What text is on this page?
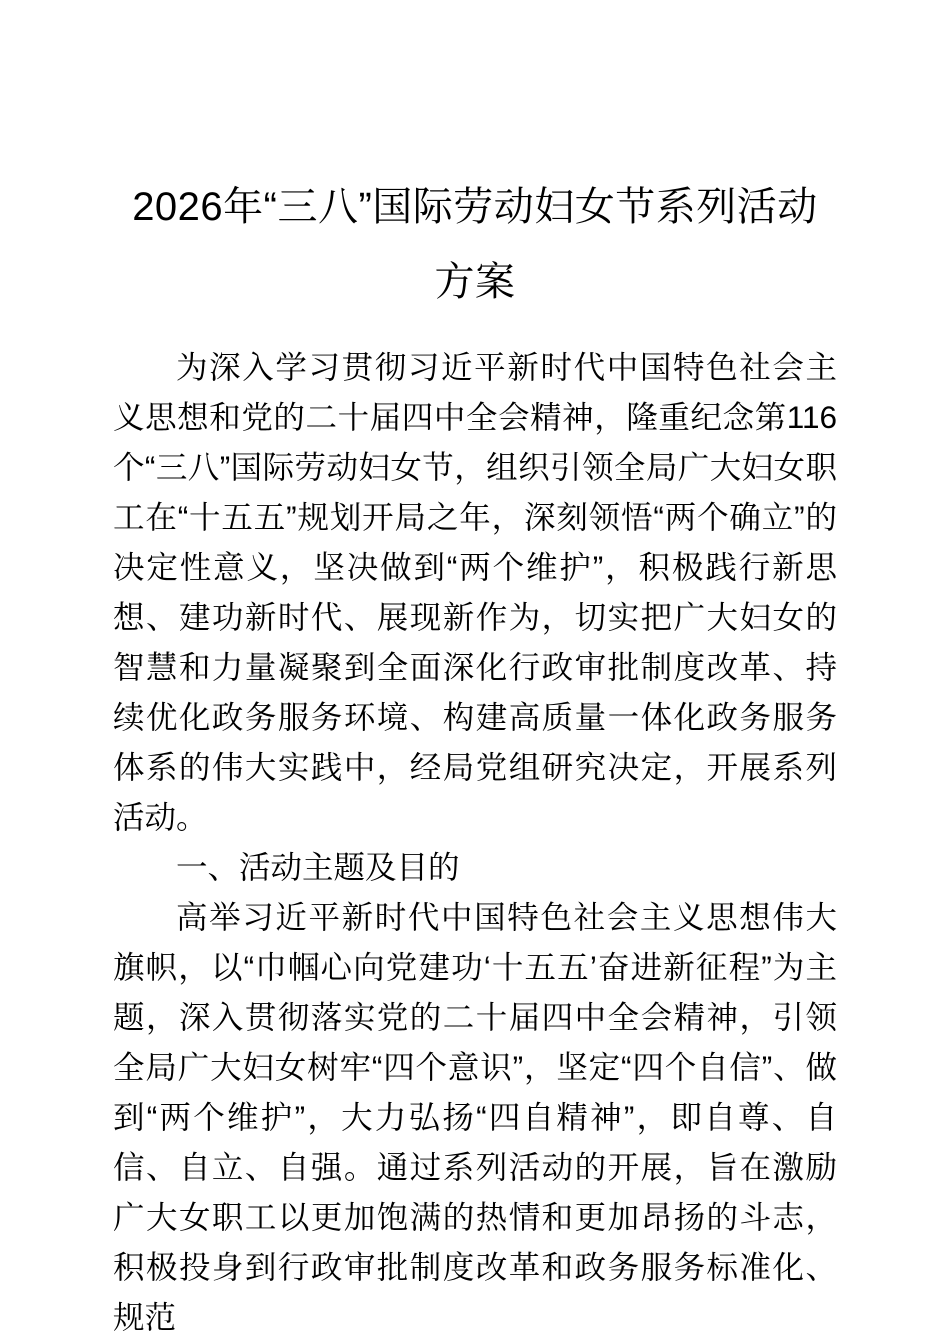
2026年“三八”国际劳动妇女节系列活动方案

为深入学习贯彻习近平新时代中国特色社会主义思想和党的二十届四中全会精神，隆重纪念第116个“三八”国际劳动妇女节，组织引领全局广大妇女职工在“十五五”规划开局之年，深刻领悟“两个确立”的决定性意义，坚决做到“两个维护”，积极践行新思想、建功新时代、展现新作为，切实把广大妇女的智慧和力量凝聚到全面深化行政审批制度改革、持续优化政务服务环境、构建高质量一体化政务服务体系的伟大实践中，经局党组研究决定，开展系列活动。

一、活动主题及目的

高举习近平新时代中国特色社会主义思想伟大旗帜，以“巾帼心向党建功‘十五五’奋进新征程”为主题，深入贯彻落实党的二十届四中全会精神，引领全局广大妇女树牢“四个意识”，坚定“四个自信”、做到“两个维护”，大力弘扬“四自精神”，即自尊、自信、自立、自强。通过系列活动的开展，旨在激励广大女职工以更加饱满的热情和更加昂扬的斗志，积极投身到行政审批制度改革和政务服务标准化、规范
